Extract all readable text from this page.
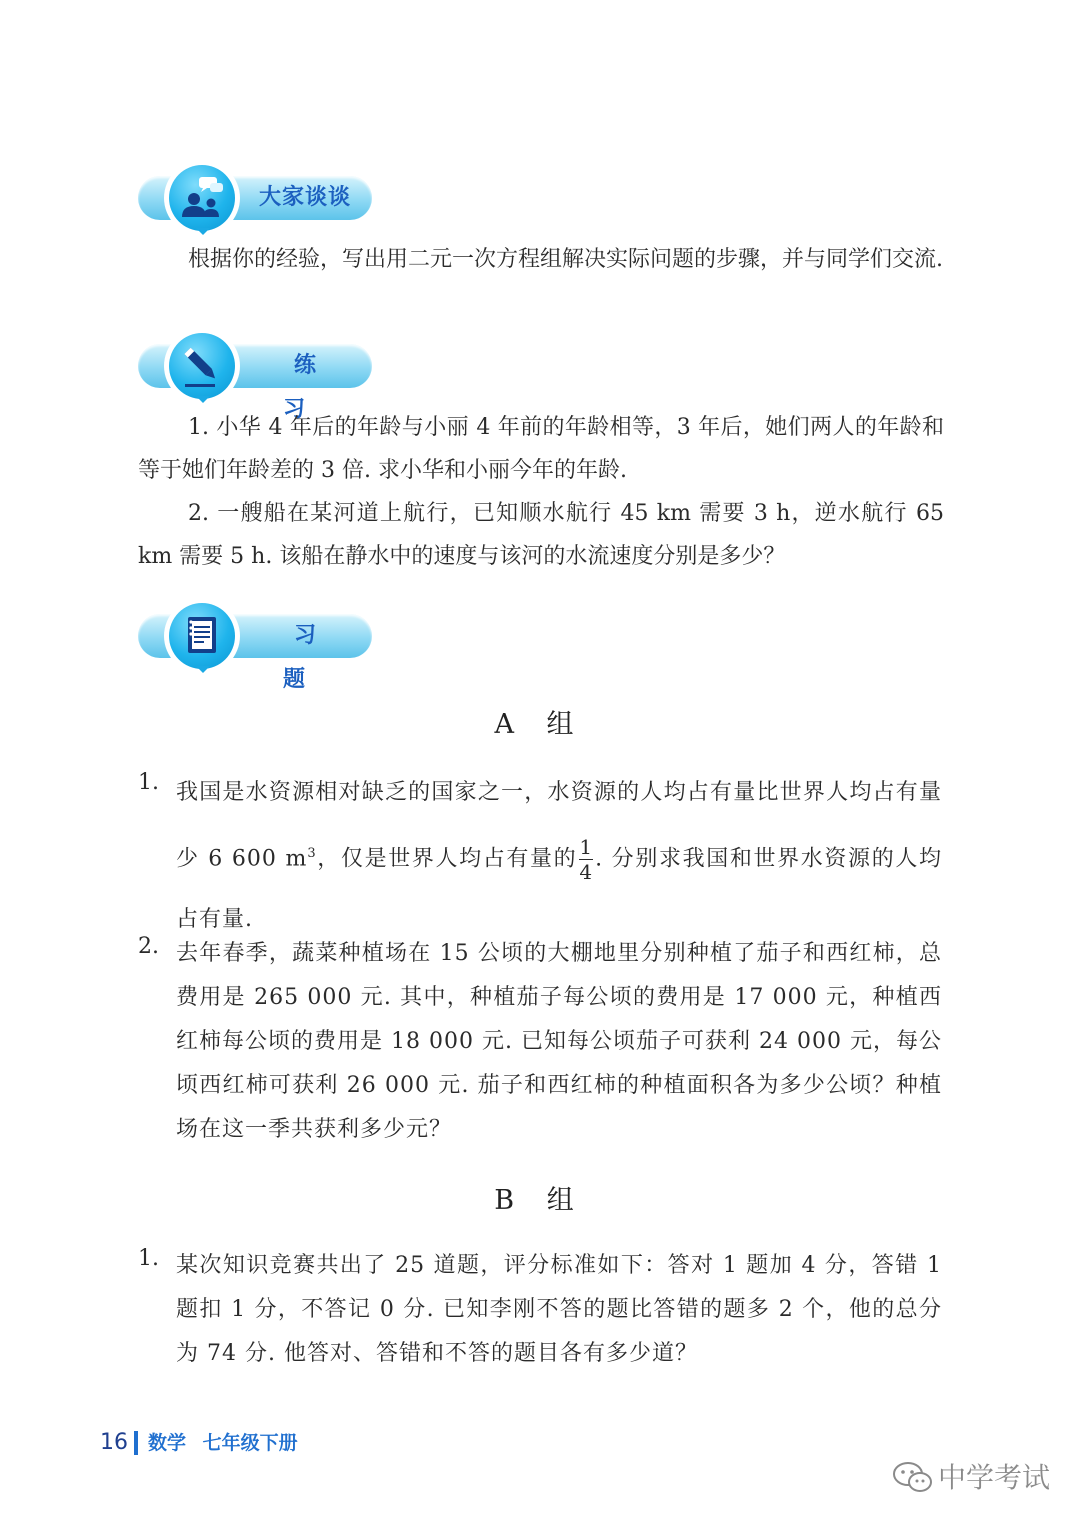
大家谈谈

根据你的经验，写出用二元一次方程组解决实际问题的步骤，并与同学们交流.

练 习

1. 小华 4 年后的年龄与小丽 4 年前的年龄相等，3 年后，她们两人的年龄和等于她们年龄差的 3 倍. 求小华和小丽今年的年龄.

2. 一艘船在某河道上航行，已知顺水航行 45 km 需要 3 h，逆水航行 65 km 需要 5 h. 该船在静水中的速度与该河的水流速度分别是多少？

习 题
A 组
1. 我国是水资源相对缺乏的国家之一，水资源的人均占有量比世界人均占有量少 6 600 $m^3$，仅是世界人均占有量的 $\frac{1}{4}$ . 分别求我国和世界水资源的人均占有量.

2. 去年春季，蔬菜种植场在 15 公顷的大棚地里分别种植了茄子和西红柿，总费用是 265 000 元. 其中，种植茄子每公顷的费用是 17 000 元，种植西红柿每公顷的费用是 18 000 元. 已知每公顷茄子可获利 24 000 元，每公顷西红柿可获利 26 000 元. 茄子和西红柿的种植面积各为多少公顷？种植场在这一季共获利多少元？

B 组
1. 某次知识竞赛共出了 25 道题，评分标准如下：答对 1 题加 4 分，答错 1 题扣 1 分，不答记 0 分. 已知李刚不答的题比答错的题多 2 个，他的总分为 74 分. 他答对、答错和不答的题目各有多少道？

16 数学 七年级下册
中学考试
